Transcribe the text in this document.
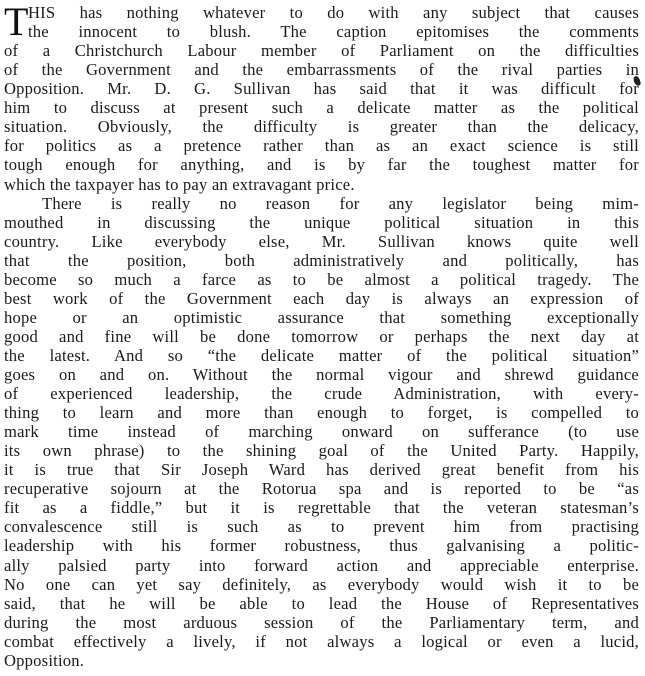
T HIS has nothing whatever to do with any subject that causes
the innocent to blush. The caption epitomises the comments
of a Christchurch Labour member of Parliament on the difficulties
of the Government and the embarrassments of the rival parties in
Opposition. Mr. D. G. Sullivan has said that it was difficult for
him to discuss at present such a delicate matter as the political
situation. Obviously, the difficulty is greater than the delicacy,
for politics as a pretence rather than as an exact science is still
tough enough for anything, and is by far the toughest matter for
which the taxpayer has to pay an extravagant price.
There is really no reason for any legislator being mim-
mouthed in discussing the unique political situation in this
country. Like everybody else, Mr. Sullivan knows quite well
that the position, both administratively and politically, has
become so much a farce as to be almost a political tragedy. The
best work of the Government each day is always an expression of
hope or an optimistic assurance that something exceptionally
good and fine will be done tomorrow or perhaps the next day at
the latest. And so “the delicate matter of the political situation”
goes on and on. Without the normal vigour and shrewd guidance
of experienced leadership, the crude Administration, with every-
thing to learn and more than enough to forget, is compelled to
mark time instead of marching onward on sufferance (to use
its own phrase) to the shining goal of the United Party. Happily,
it is true that Sir Joseph Ward has derived great benefit from his
recuperative sojourn at the Rotorua spa and is reported to be “as
fit as a fiddle,” but it is regrettable that the veteran statesman’s
convalescence still is such as to prevent him from practising
leadership with his former robustness, thus galvanising a politic-
ally palsied party into forward action and appreciable enterprise.
No one can yet say definitely, as everybody would wish it to be
said, that he will be able to lead the House of Representatives
during the most arduous session of the Parliamentary term, and
combat effectively a lively, if not always a logical or even a lucid,
Opposition.
